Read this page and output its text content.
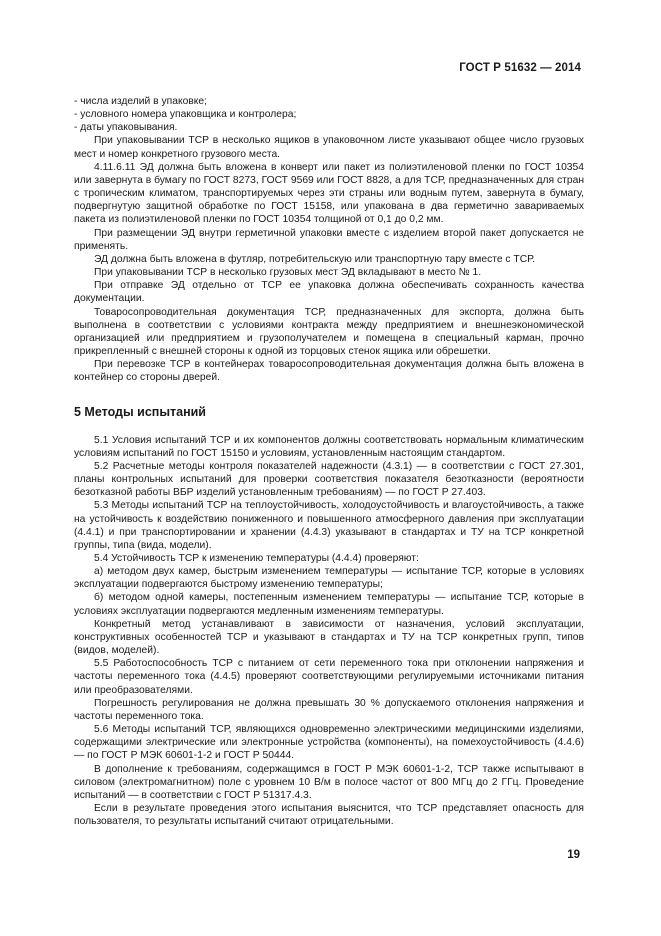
ГОСТ Р 51632 — 2014

- числа изделий в упаковке;

- условного номера упаковщика и контролера;

- даты упаковывания.

При упаковывании ТСР в несколько ящиков в упаковочном листе указывают общее число грузовых мест и номер конкретного грузового места.

4.11.6.11 ЭД должна быть вложена в конверт или пакет из полиэтиленовой пленки по ГОСТ 10354 или завернута в бумагу по ГОСТ 8273, ГОСТ 9569 или ГОСТ 8828, а для ТСР, предназначенных для стран с тропическим климатом, транспортируемых через эти страны или водным путем, завернута в бумагу, подвергнутую защитной обработке по ГОСТ 15158, или упакована в два герметично завариваемых пакета из полиэтиленовой пленки по ГОСТ 10354 толщиной от 0,1 до 0,2 мм.

При размещении ЭД внутри герметичной упаковки вместе с изделием второй пакет допускается не применять.

ЭД должна быть вложена в футляр, потребительскую или транспортную тару вместе с ТСР.

При упаковывании ТСР в несколько грузовых мест ЭД вкладывают в место № 1.

При отправке ЭД отдельно от ТСР ее упаковка должна обеспечивать сохранность качества документации.

Товаросопроводительная документация ТСР, предназначенных для экспорта, должна быть выполнена в соответствии с условиями контракта между предприятием и внешнеэкономической организацией или предприятием и грузополучателем и помещена в специальный карман, прочно прикрепленный с внешней стороны к одной из торцовых стенок ящика или обрешетки.

При перевозке ТСР в контейнерах товаросопроводительная документация должна быть вложена в контейнер со стороны дверей.

5 Методы испытаний

5.1 Условия испытаний ТСР и их компонентов должны соответствовать нормальным климатическим условиям испытаний по ГОСТ 15150 и условиям, установленным настоящим стандартом.

5.2 Расчетные методы контроля показателей надежности (4.3.1) — в соответствии с ГОСТ 27.301, планы контрольных испытаний для проверки соответствия показателя безотказности (вероятности безотказной работы ВБР изделий установленным требованиям) — по ГОСТ Р 27.403.

5.3 Методы испытаний ТСР на теплоустойчивость, холодоустойчивость и влагоустойчивость, а также на устойчивость к воздействию пониженного и повышенного атмосферного давления при эксплуатации (4.4.1) и при транспортировании и хранении (4.4.3) указывают в стандартах и ТУ на ТСР конкретной группы, типа (вида, модели).

5.4 Устойчивость ТСР к изменению температуры (4.4.4) проверяют:

а) методом двух камер, быстрым изменением температуры — испытание ТСР, которые в условиях эксплуатации подвергаются быстрому изменению температуры;

б) методом одной камеры, постепенным изменением температуры — испытание ТСР, которые в условиях эксплуатации подвергаются медленным изменениям температуры.

Конкретный метод устанавливают в зависимости от назначения, условий эксплуатации, конструктивных особенностей ТСР и указывают в стандартах и ТУ на ТСР конкретных групп, типов (видов, моделей).

5.5 Работоспособность ТСР с питанием от сети переменного тока при отклонении напряжения и частоты переменного тока (4.4.5) проверяют соответствующими регулируемыми источниками питания или преобразователями.

Погрешность регулирования не должна превышать 30 % допускаемого отклонения напряжения и частоты переменного тока.

5.6 Методы испытаний ТСР, являющихся одновременно электрическими медицинскими изделиями, содержащими электрические или электронные устройства (компоненты), на помехоустойчивость (4.4.6) — по ГОСТ Р МЭК 60601-1-2 и ГОСТ Р 50444.

В дополнение к требованиям, содержащимся в ГОСТ Р МЭК 60601-1-2, ТСР также испытывают в силовом (электромагнитном) поле с уровнем 10 В/м в полосе частот от 800 МГц до 2 ГГц. Проведение испытаний — в соответствии с ГОСТ Р 51317.4.3.

Если в результате проведения этого испытания выяснится, что ТСР представляет опасность для пользователя, то результаты испытаний считают отрицательными.

19
